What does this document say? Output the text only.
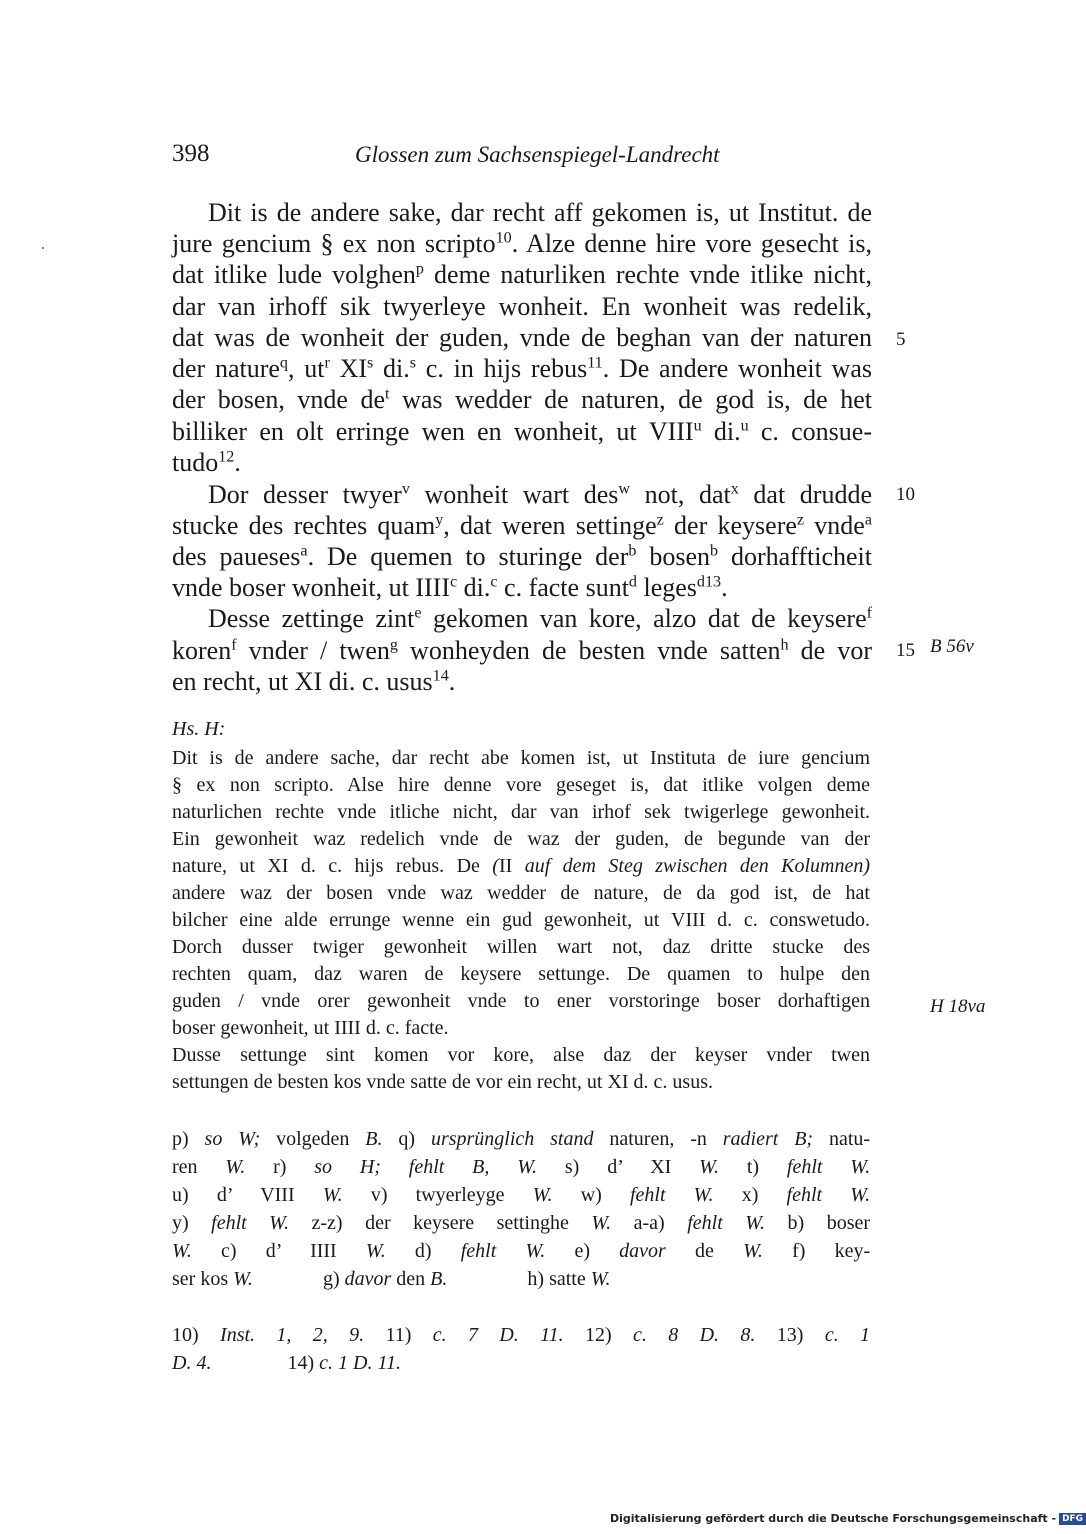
398	Glossen zum Sachsenspiegel-Landrecht
Dit is de andere sake, dar recht aff gekomen is, ut Institut. de
jure gencium § ex non scripto$^{10}$. Alze denne hire vore gesecht is,
dat itlike lude volghen$^p$ deme naturliken rechte vnde itlike nicht,
dar van irhoff sik twyerleye wonheit. En wonheit was redelik,
dat was de wonheit der guden, vnde de beghan van der naturen
der nature$^q$, $ut^r$ $XI^s$ di.$^s$ c. in hijs rebus$^{11}$. De andere wonheit was
der bosen, vnde $de^t$ was wedder de naturen, de god is, de het
billiker en olt erringe wen en wonheit, ut VIII$^u$ di.$^u$ c. consue-
tudo$^{12}$.
Dor desser twyer$^v$ wonheit wart des$^w$ not, dat$^x$ dat drudde
stucke des rechtes quam$^y$, dat weren settinge$^z$ der keysere$^z$ vnde$^a$
des paueses$^a$. De quemen to sturinge der$^b$ bosen$^b$ dorhaffticheit
vnde boser wonheit, ut IIII$^c$ di.$^c$ c. facte sunt$^d$ leges$^{d13}$.
Desse zettinge zint$^e$ gekomen van kore, alzo dat de keysere$^f$
koren$^f$ vnder / twen$^g$ wonheyden de besten vnde satten$^h$ de vor
en recht, ut XI di. c. usus$^{14}$.
5
10
15 B 56v
H 18va
Hs. H:
Dit is de andere sache, dar recht abe komen ist, ut Instituta de iure gencium
§ ex non scripto. Alse hire denne vore geseget is, dat itlike volgen deme
naturlichen rechte vnde itliche nicht, dar van irhof sek twigerlege gewonheit.
Ein gewonheit waz redelich vnde de waz der guden, de begunde van der
nature, ut XI d. c. hijs rebus. De (II auf dem Steg zwischen den Kolumnen)
andere waz der bosen vnde waz wedder de nature, de da god ist, de hat
bilcher eine alde errunge wenne ein gud gewonheit, ut VIII d. c. conswetudo.
Dorch dusser twiger gewonheit willen wart not, daz dritte stucke des
rechten quam, daz waren de keysere settunge. De quamen to hulpe den
guden / vnde orer gewonheit vnde to ener vorstoringe boser dorhaftigen
boser gewonheit, ut IIII d. c. facte.
Dusse settunge sint komen vor kore, alse daz der keyser vnder twen
settungen de besten kos vnde satte de vor ein recht, ut XI d. c. usus.
p) so W; volgeden B. q) ursprünglich stand naturen, -n radiert B; natu-
ren W. r) so H; fehlt B, W. s) d’ XI W. t) fehlt W.
u) d’ VIII W. v) twyerleyge W. w) fehlt W. x) fehlt W.
y) fehlt W. z-z) der keysere settinghe W. a-a) fehlt W. b) boser
W. c) d’ IIII W. d) fehlt W. e) davor de W. f) key-
ser kos W.	g) davor den B.	h) satte W.
10) Inst. 1, 2, 9. 11) c. 7 D. 11. 12) c. 8 D. 8. 13) c. 1
D. 4.	14) c. 1 D. 11.
Digitalisierung gefördert durch die Deutsche Forschungsgemeinschaft - DFG
